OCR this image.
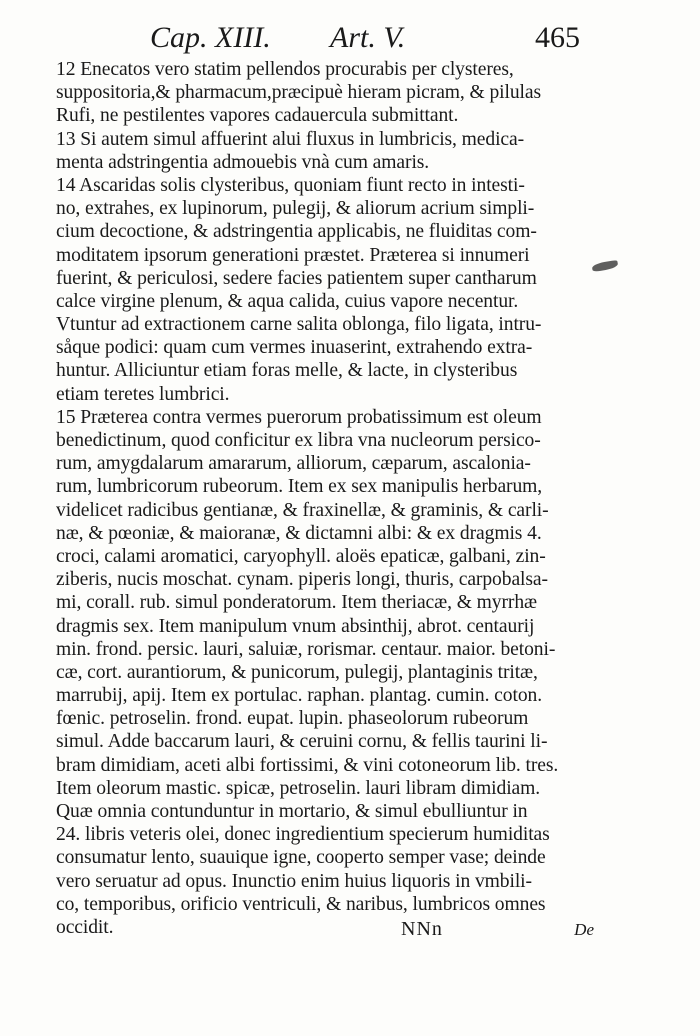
Cap. XIII. Art. V.	465
12 Enecatos vero statim pellendos procurabis per clysteres,
suppositoria,& pharmacum,præcipuè hieram picram, & pilulas
Rufi, ne pestilentes vapores cadauercula submittant.
13 Si autem simul affuerint alui fluxus in lumbricis, medica-
menta adstringentia admouebis vnà cum amaris.
14 Ascaridas solis clysteribus, quoniam fiunt recto in intesti-
no, extrahes, ex lupinorum, pulegij, & aliorum acrium simpli-
cium decoctione, & adstringentia applicabis, ne fluiditas com-
moditatem ipsorum generationi præstet. Præterea si innumeri
fuerint, & periculosi, sedere facies patientem super cantharum
calce virgine plenum, & aqua calida, cuius vapore necentur.
Vtuntur ad extractionem carne salita oblonga, filo ligata, intru-
såque podici: quam cum vermes inuaserint, extrahendo extra-
huntur. Alliciuntur etiam foras melle, & lacte, in clysteribus
etiam teretes lumbrici.
15 Præterea contra vermes puerorum probatissimum est oleum
benedictinum, quod conficitur ex libra vna nucleorum persico-
rum, amygdalarum amararum, alliorum, cæparum, ascalonia-
rum, lumbricorum rubeorum. Item ex sex manipulis herbarum,
videlicet radicibus gentianæ, & fraxinellæ, & graminis, & carli-
næ, & pœoniæ, & maioranæ, & dictamni albi: & ex dragmis 4.
croci, calami aromatici, caryophyll. aloës epaticæ, galbani, zin-
ziberis, nucis moschat. cynam. piperis longi, thuris, carpobalsa-
mi, corall. rub. simul ponderatorum. Item theriacæ, & myrrhæ
dragmis sex. Item manipulum vnum absinthij, abrot. centaurij
min. frond. persic. lauri, saluiæ, rorismar. centaur. maior. betoni-
cæ, cort. aurantiorum, & punicorum, pulegij, plantaginis tritæ,
marrubij, apij. Item ex portulac. raphan. plantag. cumin. coton.
fœnic. petroselin. frond. eupat. lupin. phaseolorum rubeorum
simul. Adde baccarum lauri, & ceruini cornu, & fellis taurini li-
bram dimidiam, aceti albi fortissimi, & vini cotoneorum lib. tres.
Item oleorum mastic. spicæ, petroselin. lauri libram dimidiam.
Quæ omnia contunduntur in mortario, & simul ebulliuntur in
24. libris veteris olei, donec ingredientium specierum humiditas
consumatur lento, suauique igne, cooperto semper vase; deinde
vero seruatur ad opus. Inunctio enim huius liquoris in vmbili-
co, temporibus, orificio ventriculi, & naribus, lumbricos omnes
occidit.	NNn	De
